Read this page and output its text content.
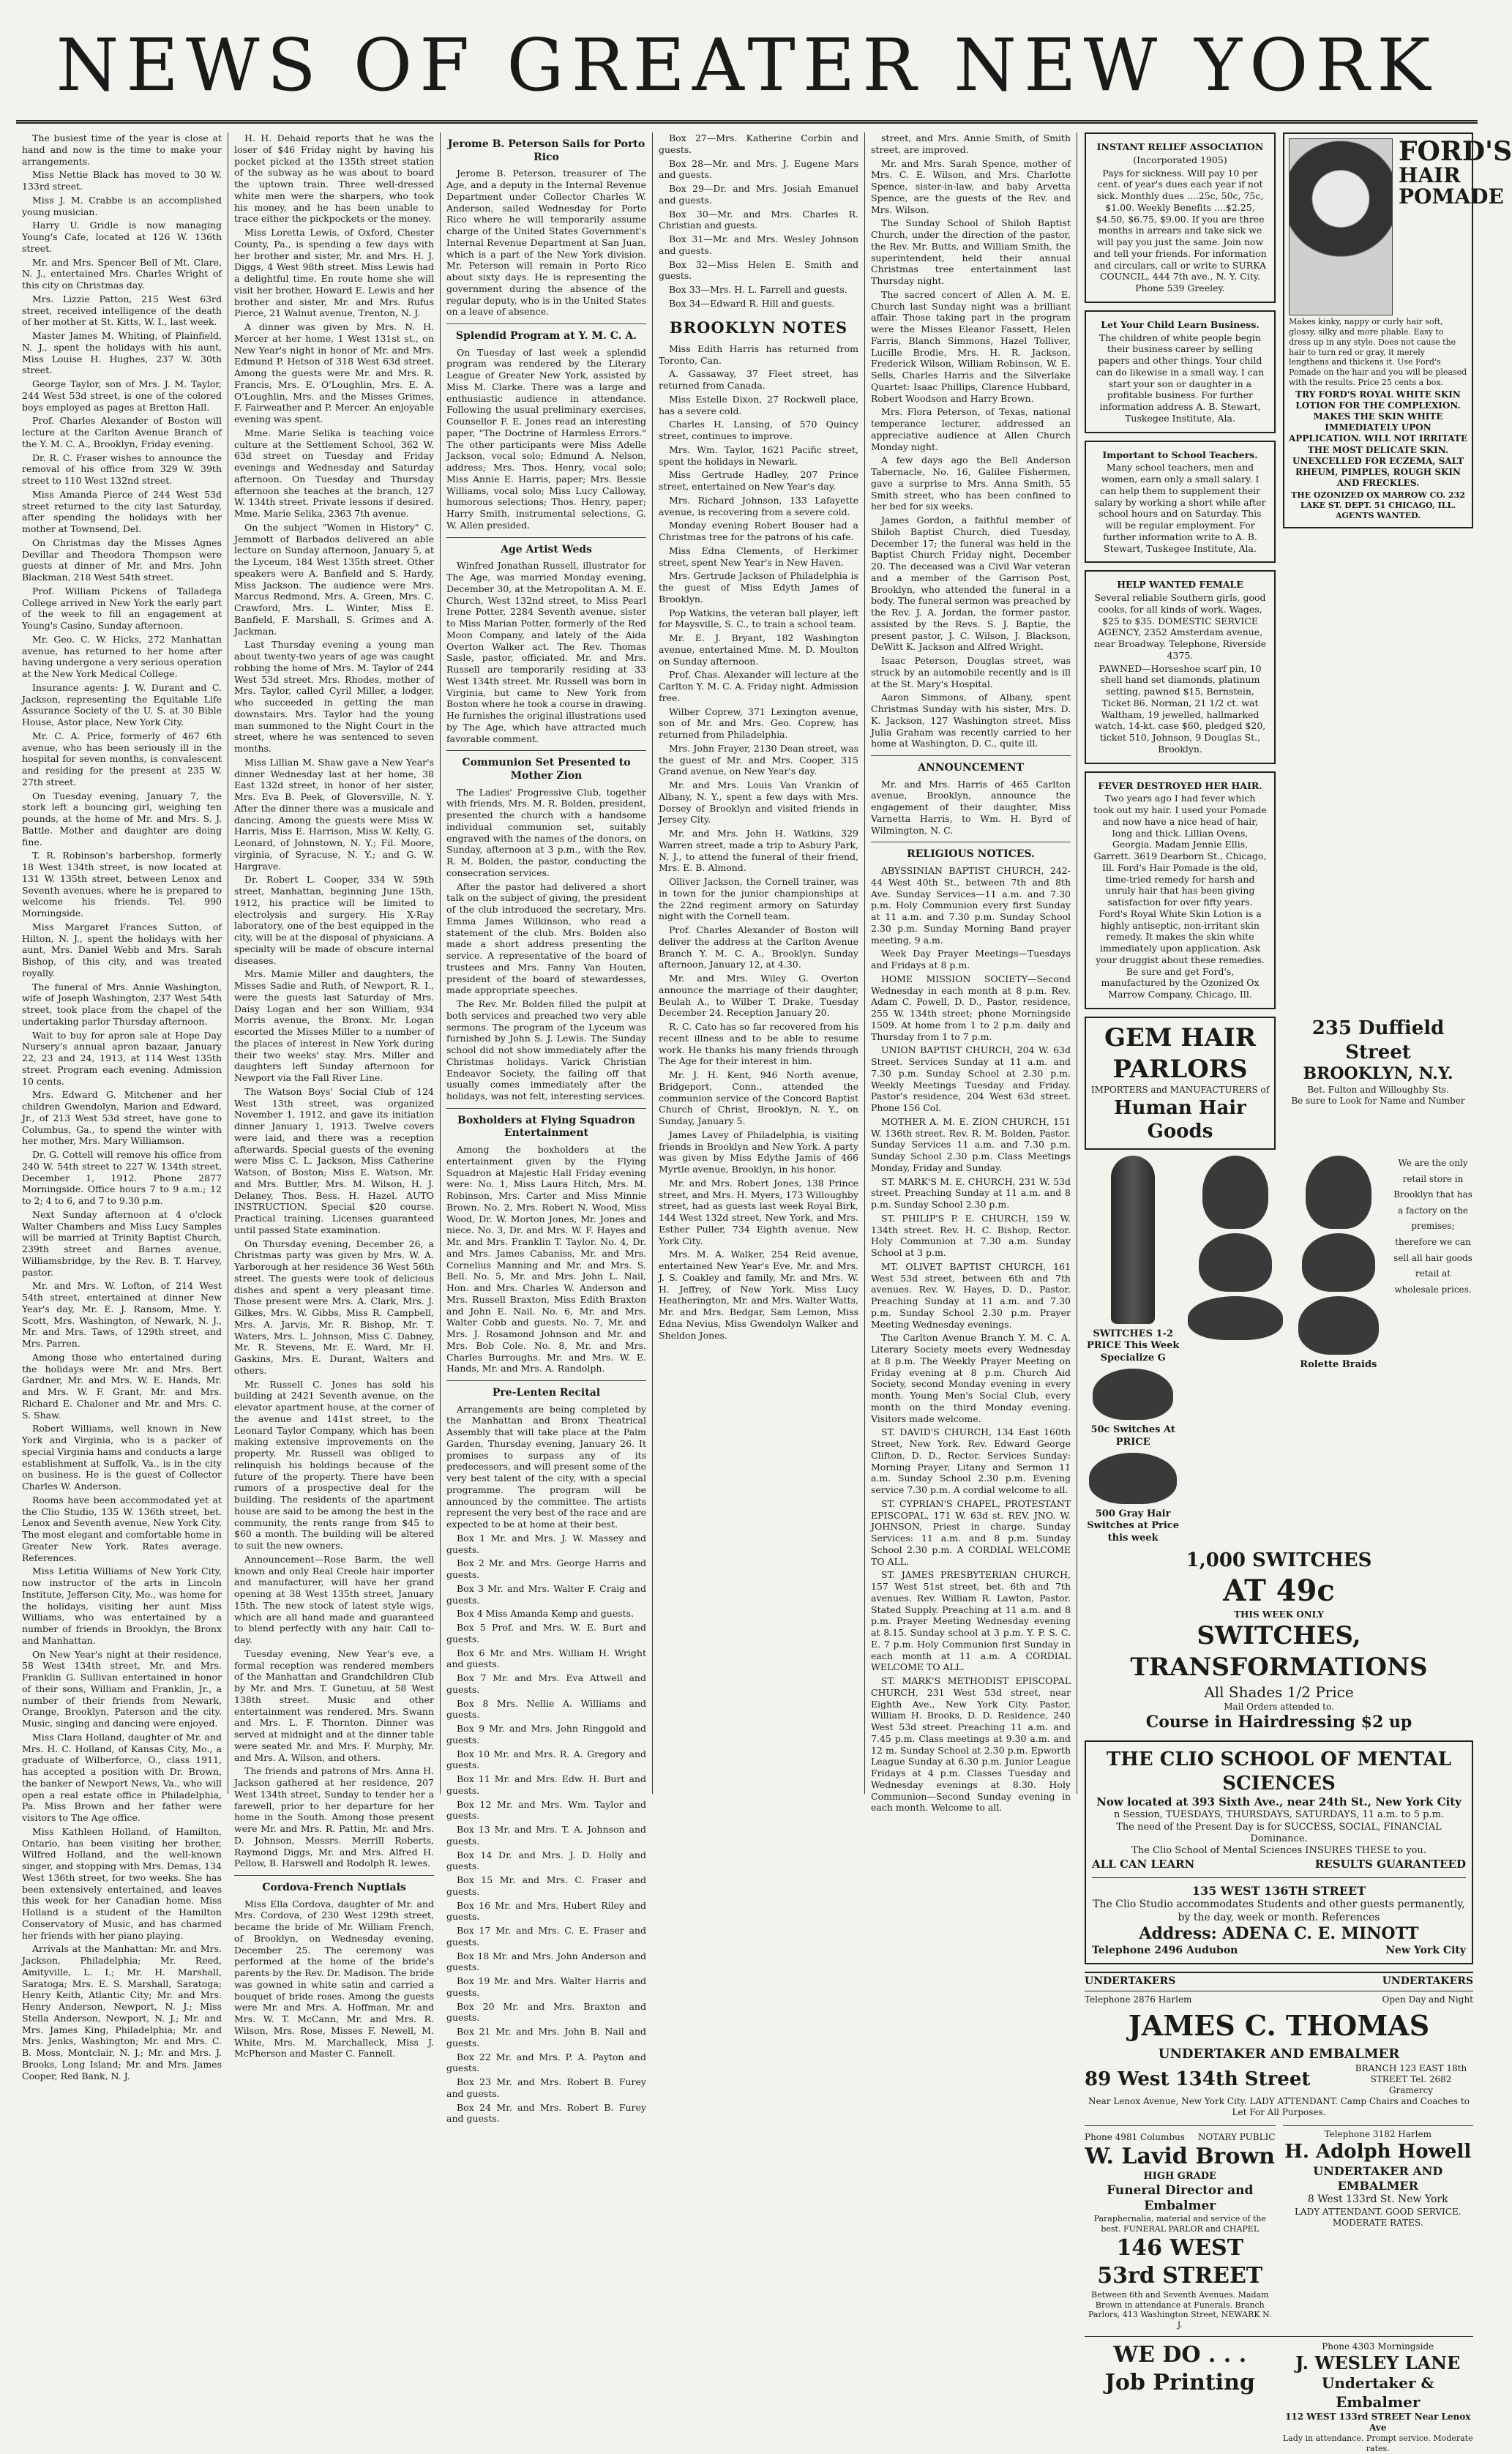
NEWS OF GREATER NEW YORK

The busiest time of the year is close at hand and now is the time to make your arrangements.

Miss Nettie Black has moved to 30 W. 133rd street.

Miss J. M. Crabbe is an accomplished young musician.

Harry U. Gridle is now managing Young's Cafe, located at 126 W. 136th street.

Mr. and Mrs. Spencer Bell of Mt. Clare, N. J., entertained Mrs. Charles Wright of this city on Christmas day.

Mrs. Lizzie Patton, 215 West 63rd street, received intelligence of the death of her mother at St. Kitts, W. I., last week.

Master James M. Whiting, of Plainfield, N. J., spent the holidays with his aunt, Miss Louise H. Hughes, 237 W. 30th street.

George Taylor, son of Mrs. J. M. Taylor, 244 West 53d street, is one of the colored boys employed as pages at Bretton Hall.

Prof. Charles Alexander of Boston will lecture at the Carlton Avenue Branch of the Y. M. C. A., Brooklyn, Friday evening.

Dr. R. C. Fraser wishes to announce the removal of his office from 329 W. 39th street to 110 West 132nd street.

Miss Amanda Pierce of 244 West 53d street returned to the city last Saturday, after spending the holidays with her mother at Townsend, Del.

On Christmas day the Misses Agnes Devillar and Theodora Thompson were guests at dinner of Mr. and Mrs. John Blackman, 218 West 54th street.

Prof. William Pickens of Talladega College arrived in New York the early part of the week to fill an engagement at Young's Casino, Sunday afternoon.

Mr. Geo. C. W. Hicks, 272 Manhattan avenue, has returned to her home after having undergone a very serious operation at the New York Medical College.

Insurance agents: J. W. Durant and C. Jackson, representing the Equitable Life Assurance Society of the U. S. at 30 Bible House, Astor place, New York City.

Mr. C. A. Price, formerly of 467 6th avenue, who has been seriously ill in the hospital for seven months, is convalescent and residing for the present at 235 W. 27th street.

On Tuesday evening, January 7, the stork left a bouncing girl, weighing ten pounds, at the home of Mr. and Mrs. S. J. Battle. Mother and daughter are doing fine.

T. R. Robinson's barbershop, formerly 18 West 134th street, is now located at 131 W. 135th street, between Lenox and Seventh avenues, where he is prepared to welcome his friends. Tel. 990 Morningside.

Miss Margaret Frances Sutton, of Hilton, N. J., spent the holidays with her aunt, Mrs. Daniel Webb and Mrs. Sarah Bishop, of this city, and was treated royally.

The funeral of Mrs. Annie Washington, wife of Joseph Washington, 237 West 54th street, took place from the chapel of the undertaking parlor Thursday afternoon.

Wait to buy for apron sale at Hope Day Nursery's annual apron bazaar, January 22, 23 and 24, 1913, at 114 West 135th street. Program each evening. Admission 10 cents.

Mrs. Edward G. Mitchener and her children Gwendolyn, Marion and Edward, Jr., of 213 West 53d street, have gone to Columbus, Ga., to spend the winter with her mother, Mrs. Mary Williamson.

Dr. G. Cottell will remove his office from 240 W. 54th street to 227 W. 134th street, December 1, 1912. Phone 2877 Morningside. Office hours 7 to 9 a.m.; 12 to 2; 4 to 6, and 7 to 9.30 p.m.

Next Sunday afternoon at 4 o'clock Walter Chambers and Miss Lucy Samples will be married at Trinity Baptist Church, 239th street and Barnes avenue, Williamsbridge, by the Rev. B. T. Harvey, pastor.

Mr. and Mrs. W. Lofton, of 214 West 54th street, entertained at dinner New Year's day, Mr. E. J. Ransom, Mme. Y. Scott, Mrs. Washington, of Newark, N. J., Mr. and Mrs. Taws, of 129th street, and Mrs. Parren.

Among those who entertained during the holidays were Mr. and Mrs. Bert Gardner, Mr. and Mrs. W. E. Hands, Mr. and Mrs. W. F. Grant, Mr. and Mrs. Richard E. Chaloner and Mr. and Mrs. C. S. Shaw.

Robert Williams, well known in New York and Virginia, who is a packer of special Virginia hams and conducts a large establishment at Suffolk, Va., is in the city on business. He is the guest of Collector Charles W. Anderson.

Rooms have been accommodated yet at the Clio Studio, 135 W. 136th street, bet. Lenox and Seventh avenue, New York City. The most elegant and comfortable home in Greater New York. Rates average. References.

Miss Letitia Williams of New York City, now instructor of the arts in Lincoln Institute, Jefferson City, Mo., was home for the holidays, visiting her aunt Miss Williams, who was entertained by a number of friends in Brooklyn, the Bronx and Manhattan.

On New Year's night at their residence, 58 West 134th street, Mr. and Mrs. Franklin G. Sullivan entertained in honor of their sons, William and Franklin, Jr., a number of their friends from Newark, Orange, Brooklyn, Paterson and the city. Music, singing and dancing were enjoyed.

Miss Clara Holland, daughter of Mr. and Mrs. H. C. Holland, of Kansas City, Mo., a graduate of Wilberforce, O., class 1911, has accepted a position with Dr. Brown, the banker of Newport News, Va., who will open a real estate office in Philadelphia, Pa. Miss Brown and her father were visitors to The Age office.

Miss Kathleen Holland, of Hamilton, Ontario, has been visiting her brother, Wilfred Holland, and the well-known singer, and stopping with Mrs. Demas, 134 West 136th street, for two weeks. She has been extensively entertained, and leaves this week for her Canadian home. Miss Holland is a student of the Hamilton Conservatory of Music, and has charmed her friends with her piano playing.

Arrivals at the Manhattan: Mr. and Mrs. Jackson, Philadelphia; Mr. Reed, Amityville, L. I.; Mr. H. Marshall, Saratoga; Mrs. E. S. Marshall, Saratoga; Henry Keith, Atlantic City; Mr. and Mrs. Henry Anderson, Newport, N. J.; Miss Stella Anderson, Newport, N. J.; Mr. and Mrs. James King, Philadelphia; Mr. and Mrs. Jenks, Washington; Mr. and Mrs. C. B. Moss, Montclair, N. J.; Mr. and Mrs. J. Brooks, Long Island; Mr. and Mrs. James Cooper, Red Bank, N. J.

H. H. Dehaid reports that he was the loser of $46 Friday night by having his pocket picked at the 135th street station of the subway as he was about to board the uptown train. Three well-dressed white men were the sharpers, who took his money, and he has been unable to trace either the pickpockets or the money.

Miss Loretta Lewis, of Oxford, Chester County, Pa., is spending a few days with her brother and sister, Mr. and Mrs. H. J. Diggs, 4 West 98th street. Miss Lewis had a delightful time. En route home she will visit her brother, Howard E. Lewis and her brother and sister, Mr. and Mrs. Rufus Pierce, 21 Walnut avenue, Trenton, N. J.

A dinner was given by Mrs. N. H. Mercer at her home, 1 West 131st st., on New Year's night in honor of Mr. and Mrs. Edmund P. Hetson of 318 West 63d street. Among the guests were Mr. and Mrs. R. Francis, Mrs. E. O'Loughlin, Mrs. E. A. O'Loughlin, Mrs. and the Misses Grimes, F. Fairweather and P. Mercer. An enjoyable evening was spent.

Mme. Marie Selika is teaching voice culture at the Settlement School, 362 W. 63d street on Tuesday and Friday evenings and Wednesday and Saturday afternoon. On Tuesday and Thursday afternoon she teaches at the branch, 127 W. 134th street. Private lessons if desired. Mme. Marie Selika, 2363 7th avenue.

On the subject "Women in History" C. Jemmott of Barbados delivered an able lecture on Sunday afternoon, January 5, at the Lyceum, 184 West 135th street. Other speakers were A. Banfield and S. Hardy, Miss Jackson. The audience were Mrs. Marcus Redmond, Mrs. A. Green, Mrs. C. Crawford, Mrs. L. Winter, Miss E. Banfield, F. Marshall, S. Grimes and A. Jackman.

Last Thursday evening a young man about twenty-two years of age was caught robbing the home of Mrs. M. Taylor of 244 West 53d street. Mrs. Rhodes, mother of Mrs. Taylor, called Cyril Miller, a lodger, who succeeded in getting the man downstairs. Mrs. Taylor had the young man summoned to the Night Court in the street, where he was sentenced to seven months.

Miss Lillian M. Shaw gave a New Year's dinner Wednesday last at her home, 38 East 132d street, in honor of her sister, Mrs. Eva B. Peek, of Gloversville, N. Y. After the dinner there was a musicale and dancing. Among the guests were Miss W. Harris, Miss E. Harrison, Miss W. Kelly, G. Leonard, of Johnstown, N. Y.; Fil. Moore, virginia, of Syracuse, N. Y.; and G. W. Hargrave.

Dr. Robert L. Cooper, 334 W. 59th street, Manhattan, beginning June 15th, 1912, his practice will be limited to electrolysis and surgery. His X-Ray laboratory, one of the best equipped in the city, will be at the disposal of physicians. A specialty will be made of obscure internal diseases.

Mrs. Mamie Miller and daughters, the Misses Sadie and Ruth, of Newport, R. I., were the guests last Saturday of Mrs. Daisy Logan and her son William, 934 Morris avenue, the Bronx. Mr. Logan escorted the Misses Miller to a number of the places of interest in New York during their two weeks' stay. Mrs. Miller and daughters left Sunday afternoon for Newport via the Fall River Line.

The Watson Boys' Social Club of 124 West 13th street, was organized November 1, 1912, and gave its initiation dinner January 1, 1913. Twelve covers were laid, and there was a reception afterwards. Special guests of the evening were Miss C. L. Jackson, Miss Catherine Watson, of Boston; Miss E. Watson, Mr. and Mrs. Buttler, Mrs. M. Wilson, H. J. Delaney, Thos. Bess. H. Hazel. AUTO INSTRUCTION. Special $20 course. Practical training. Licenses guaranteed until passed State examination.

On Thursday evening, December 26, a Christmas party was given by Mrs. W. A. Yarborough at her residence 36 West 56th street. The guests were took of delicious dishes and spent a very pleasant time. Those present were Mrs. A. Clark, Mrs. J. Gilkes, Mrs. W. Gibbs, Miss R. Campbell, Mrs. A. Jarvis, Mr. R. Bishop, Mr. T. Waters, Mrs. L. Johnson, Miss C. Dabney, Mr. R. Stevens, Mr. E. Ward, Mr. H. Gaskins, Mrs. E. Durant, Walters and others.

Mr. Russell C. Jones has sold his building at 2421 Seventh avenue, on the elevator apartment house, at the corner of the avenue and 141st street, to the Leonard Taylor Company, which has been making extensive improvements on the property. Mr. Russell was obliged to relinquish his holdings because of the future of the property. There have been rumors of a prospective deal for the building. The residents of the apartment house are said to be among the best in the community, the rents range from $45 to $60 a month. The building will be altered to suit the new owners.

Announcement—Rose Barm, the well known and only Real Creole hair importer and manufacturer, will have her grand opening at 38 West 135th street, January 15th. The new stock of latest style wigs, which are all hand made and guaranteed to blend perfectly with any hair. Call to-day.

Tuesday evening, New Year's eve, a formal reception was rendered members of the Manhattan and Grandchildren Club by Mr. and Mrs. T. Gunetuu, at 58 West 138th street. Music and other entertainment was rendered. Mrs. Swann and Mrs. L. F. Thornton. Dinner was served at midnight and at the dinner table were seated Mr. and Mrs. F. Murphy, Mr. and Mrs. A. Wilson, and others.

The friends and patrons of Mrs. Anna H. Jackson gathered at her residence, 207 West 134th street, Sunday to tender her a farewell, prior to her departure for her home in the South. Among those present were Mr. and Mrs. R. Pattin, Mr. and Mrs. D. Johnson, Messrs. Merrill Roberts, Raymond Diggs, Mr. and Mrs. Alfred H. Pellow, B. Harswell and Rodolph R. Iewes.

Cordova-French Nuptials

Miss Ella Cordova, daughter of Mr. and Mrs. Cordova, of 230 West 129th street, became the bride of Mr. William French, of Brooklyn, on Wednesday evening, December 25. The ceremony was performed at the home of the bride's parents by the Rev. Dr. Madison. The bride was gowned in white satin and carried a bouquet of bride roses. Among the guests were Mr. and Mrs. A. Hoffman, Mr. and Mrs. W. T. McCann, Mr. and Mrs. R. Wilson, Mrs. Rose, Misses F. Newell, M. White, Mrs. M. Marchalleck, Miss J. McPherson and Master C. Fannell.

Jerome B. Peterson Sails for Porto Rico

Jerome B. Peterson, treasurer of The Age, and a deputy in the Internal Revenue Department under Collector Charles W. Anderson, sailed Wednesday for Porto Rico where he will temporarily assume charge of the United States Government's Internal Revenue Department at San Juan, which is a part of the New York division. Mr. Peterson will remain in Porto Rico about sixty days. He is representing the government during the absence of the regular deputy, who is in the United States on a leave of absence.

Splendid Program at Y. M. C. A.

On Tuesday of last week a splendid program was rendered by the Literary League of Greater New York, assisted by Miss M. Clarke. There was a large and enthusiastic audience in attendance. Following the usual preliminary exercises, Counsellor F. E. Jones read an interesting paper, "The Doctrine of Harmless Errors." The other participants were Miss Adelle Jackson, vocal solo; Edmund A. Nelson, address; Mrs. Thos. Henry, vocal solo; Miss Annie E. Harris, paper; Mrs. Bessie Williams, vocal solo; Miss Lucy Calloway, humorous selections; Thos. Henry, paper; Harry Smith, instrumental selections, G. W. Allen presided.

Age Artist Weds

Winfred Jonathan Russell, illustrator for The Age, was married Monday evening, December 30, at the Metropolitan A. M. E. Church, West 132nd street, to Miss Pearl Irene Potter, 2284 Seventh avenue, sister to Miss Marian Potter, formerly of the Red Moon Company, and lately of the Aida Overton Walker act. The Rev. Thomas Sasle, pastor, officiated. Mr. and Mrs. Russell are temporarily residing at 33 West 134th street. Mr. Russell was born in Virginia, but came to New York from Boston where he took a course in drawing. He furnishes the original illustrations used by The Age, which have attracted much favorable comment.

Communion Set Presented to Mother Zion

The Ladies' Progressive Club, together with friends, Mrs. M. R. Bolden, president, presented the church with a handsome individual communion set, suitably engraved with the names of the donors, on Sunday, afternoon at 3 p.m., with the Rev. R. M. Bolden, the pastor, conducting the consecration services.

After the pastor had delivered a short talk on the subject of giving, the president of the club introduced the secretary, Mrs. Emma James Wilkinson, who read a statement of the club. Mrs. Bolden also made a short address presenting the service. A representative of the board of trustees and Mrs. Fanny Van Houten, president of the board of stewardesses, made appropriate speeches.

The Rev. Mr. Bolden filled the pulpit at both services and preached two very able sermons. The program of the Lyceum was furnished by John S. J. Lewis. The Sunday school did not show immediately after the Christmas holidays. Varick Christian Endeavor Society, the failing off that usually comes immediately after the holidays, was not felt, interesting services.

Boxholders at Flying Squadron Entertainment

Among the boxholders at the entertainment given by the Flying Squadron at Majestic Hall Friday evening were: No. 1, Miss Laura Hitch, Mrs. M. Robinson, Mrs. Carter and Miss Minnie Brown. No. 2, Mrs. Robert N. Wood, Miss Wood, Dr. W. Morton Jones, Mr. Jones and niece. No. 3, Dr. and Mrs. W. F. Hayes and Mr. and Mrs. Franklin T. Taylor. No. 4, Dr. and Mrs. James Cabaniss, Mr. and Mrs. Cornelius Manning and Mr. and Mrs. S. Bell. No. 5, Mr. and Mrs. John L. Nail, Hon. and Mrs. Charles W. Anderson and Mrs. Russell Braxton, Miss Edith Braxton and John E. Nail. No. 6, Mr. and Mrs. Walter Cobb and guests. No. 7, Mr. and Mrs. J. Rosamond Johnson and Mr. and Mrs. Bob Cole. No. 8, Mr. and Mrs. Charles Burroughs. Mr. and Mrs. W. E. Hands, Mr. and Mrs. A. Randolph.

Pre-Lenten Recital

Arrangements are being completed by the Manhattan and Bronx Theatrical Assembly that will take place at the Palm Garden, Thursday evening, January 26. It promises to surpass any of its predecessors, and will present some of the very best talent of the city, with a special programme. The program will be announced by the committee. The artists represent the very best of the race and are expected to be at home at their best.

Box 1 Mr. and Mrs. J. W. Massey and guests.

Box 2 Mr. and Mrs. George Harris and guests.

Box 3 Mr. and Mrs. Walter F. Craig and guests.

Box 4 Miss Amanda Kemp and guests.

Box 5 Prof. and Mrs. W. E. Burt and guests.

Box 6 Mr. and Mrs. William H. Wright and guests.

Box 7 Mr. and Mrs. Eva Attwell and guests.

Box 8 Mrs. Nellie A. Williams and guests.

Box 9 Mr. and Mrs. John Ringgold and guests.

Box 10 Mr. and Mrs. R. A. Gregory and guests.

Box 11 Mr. and Mrs. Edw. H. Burt and guests.

Box 12 Mr. and Mrs. Wm. Taylor and guests.

Box 13 Mr. and Mrs. T. A. Johnson and guests.

Box 14 Dr. and Mrs. J. D. Holly and guests.

Box 15 Mr. and Mrs. C. Fraser and guests.

Box 16 Mr. and Mrs. Hubert Riley and guests.

Box 17 Mr. and Mrs. C. E. Fraser and guests.

Box 18 Mr. and Mrs. John Anderson and guests.

Box 19 Mr. and Mrs. Walter Harris and guests.

Box 20 Mr. and Mrs. Braxton and guests.

Box 21 Mr. and Mrs. John B. Nail and guests.

Box 22 Mr. and Mrs. P. A. Payton and guests.

Box 23 Mr. and Mrs. Robert B. Furey and guests.

Box 24 Mr. and Mrs. Robert B. Furey and guests.

Box 27—Mrs. Katherine Corbin and guests.

Box 28—Mr. and Mrs. J. Eugene Mars and guests.

Box 29—Dr. and Mrs. Josiah Emanuel and guests.

Box 30—Mr. and Mrs. Charles R. Christian and guests.

Box 31—Mr. and Mrs. Wesley Johnson and guests.

Box 32—Miss Helen E. Smith and guests.

Box 33—Mrs. H. L. Farrell and guests.

Box 34—Edward R. Hill and guests.

BROOKLYN NOTES

Miss Edith Harris has returned from Toronto, Can.

A. Gassaway, 37 Fleet street, has returned from Canada.

Miss Estelle Dixon, 27 Rockwell place, has a severe cold.

Charles H. Lansing, of 570 Quincy street, continues to improve.

Mrs. Wm. Taylor, 1621 Pacific street, spent the holidays in Newark.

Miss Gertrude Hadley, 207 Prince street, entertained on New Year's day.

Mrs. Richard Johnson, 133 Lafayette avenue, is recovering from a severe cold.

Monday evening Robert Bouser had a Christmas tree for the patrons of his cafe.

Miss Edna Clements, of Herkimer street, spent New Year's in New Haven.

Mrs. Gertrude Jackson of Philadelphia is the guest of Miss Edyth James of Brooklyn.

Pop Watkins, the veteran ball player, left for Maysville, S. C., to train a school team.

Mr. E. J. Bryant, 182 Washington avenue, entertained Mme. M. D. Moulton on Sunday afternoon.

Prof. Chas. Alexander will lecture at the Carlton Y. M. C. A. Friday night. Admission free.

Wilber Coprew, 371 Lexington avenue, son of Mr. and Mrs. Geo. Coprew, has returned from Philadelphia.

Mrs. John Frayer, 2130 Dean street, was the guest of Mr. and Mrs. Cooper, 315 Grand avenue, on New Year's day.

Mr. and Mrs. Louis Van Vrankin of Albany, N. Y., spent a few days with Mrs. Dorsey of Brooklyn and visited friends in Jersey City.

Mr. and Mrs. John H. Watkins, 329 Warren street, made a trip to Asbury Park, N. J., to attend the funeral of their friend, Mrs. E. B. Almond.

Olliver Jackson, the Cornell trainer, was in town for the junior championships at the 22nd regiment armory on Saturday night with the Cornell team.

Prof. Charles Alexander of Boston will deliver the address at the Carlton Avenue Branch Y. M. C. A., Brooklyn, Sunday afternoon, January 12, at 4.30.

Mr. and Mrs. Wiley G. Overton announce the marriage of their daughter, Beulah A., to Wilber T. Drake, Tuesday December 24. Reception January 20.

R. C. Cato has so far recovered from his recent illness and to be able to resume work. He thanks his many friends through The Age for their interest in him.

Mr. J. H. Kent, 946 North avenue, Bridgeport, Conn., attended the communion service of the Concord Baptist Church of Christ, Brooklyn, N. Y., on Sunday, January 5.

James Lavey of Philadelphia, is visiting friends in Brooklyn and New York. A party was given by Miss Edythe Jamis of 466 Myrtle avenue, Brooklyn, in his honor.

Mr. and Mrs. Robert Jones, 138 Prince street, and Mrs. H. Myers, 173 Willoughby street, had as guests last week Royal Birk, 144 West 132d street, New York, and Mrs. Esther Puller, 734 Eighth avenue, New York City.

Mrs. M. A. Walker, 254 Reid avenue, entertained New Year's Eve. Mr. and Mrs. J. S. Coakley and family, Mr. and Mrs. W. H. Jeffrey, of New York. Miss Lucy Heatherington, Mr. and Mrs. Walter Watts, Mr. and Mrs. Bedgar, Sam Lemon, Miss Edna Nevius, Miss Gwendolyn Walker and Sheldon Jones.

street, and Mrs. Annie Smith, of Smith street, are improved.

Mr. and Mrs. Sarah Spence, mother of Mrs. C. E. Wilson, and Mrs. Charlotte Spence, sister-in-law, and baby Arvetta Spence, are the guests of the Rev. and Mrs. Wilson.

The Sunday School of Shiloh Baptist Church, under the direction of the pastor, the Rev. Mr. Butts, and William Smith, the superintendent, held their annual Christmas tree entertainment last Thursday night.

The sacred concert of Allen A. M. E. Church last Sunday night was a brilliant affair. Those taking part in the program were the Misses Eleanor Fassett, Helen Farris, Blanch Simmons, Hazel Tolliver, Lucille Brodie, Mrs. H. R. Jackson, Frederick Wilson, William Robinson, W. E. Sells, Charles Harris and the Silverlake Quartet: Isaac Phillips, Clarence Hubbard, Robert Woodson and Harry Brown.

Mrs. Flora Peterson, of Texas, national temperance lecturer, addressed an appreciative audience at Allen Church Monday night.

A few days ago the Bell Anderson Tabernacle, No. 16, Galilee Fishermen, gave a surprise to Mrs. Anna Smith, 55 Smith street, who has been confined to her bed for six weeks.

James Gordon, a faithful member of Shiloh Baptist Church, died Tuesday, December 17; the funeral was held in the Baptist Church Friday night, December 20. The deceased was a Civil War veteran and a member of the Garrison Post, Brooklyn, who attended the funeral in a body. The funeral sermon was preached by the Rev. J. A. Jordan, the former pastor, assisted by the Revs. S. J. Baptie, the present pastor, J. C. Wilson, J. Blackson, DeWitt K. Jackson and Alfred Wright.

Isaac Peterson, Douglas street, was struck by an automobile recently and is ill at the St. Mary's Hospital.

Aaron Simmons, of Albany, spent Christmas Sunday with his sister, Mrs. D. K. Jackson, 127 Washington street. Miss Julia Graham was recently carried to her home at Washington, D. C., quite ill.

ANNOUNCEMENT

Mr. and Mrs. Harris of 465 Carlton avenue, Brooklyn, announce the engagement of their daughter, Miss Varnetta Harris, to Wm. H. Byrd of Wilmington, N. C.

RELIGIOUS NOTICES.

ABYSSINIAN BAPTIST CHURCH, 242-44 West 40th St., between 7th and 8th Ave. Sunday Services—11 a.m. and 7.30 p.m. Holy Communion every first Sunday at 11 a.m. and 7.30 p.m. Sunday School 2.30 p.m. Sunday Morning Band prayer meeting, 9 a.m.

Week Day Prayer Meetings—Tuesdays and Fridays at 8 p.m.

HOME MISSION SOCIETY—Second Wednesday in each month at 8 p.m. Rev. Adam C. Powell, D. D., Pastor, residence, 255 W. 134th street; phone Morningside 1509. At home from 1 to 2 p.m. daily and Thursday from 1 to 7 p.m.

UNION BAPTIST CHURCH, 204 W. 63d Street. Services Sunday at 11 a.m. and 7.30 p.m. Sunday School at 2.30 p.m. Weekly Meetings Tuesday and Friday. Pastor's residence, 204 West 63d street. Phone 156 Col.

MOTHER A. M. E. ZION CHURCH, 151 W. 136th street. Rev. R. M. Bolden, Pastor. Sunday Services 11 a.m. and 7.30 p.m. Sunday School 2.30 p.m. Class Meetings Monday, Friday and Sunday.

ST. MARK'S M. E. CHURCH, 231 W. 53d street. Preaching Sunday at 11 a.m. and 8 p.m. Sunday School 2.30 p.m.

ST. PHILIP'S P. E. CHURCH, 159 W. 134th street. Rev. H. C. Bishop, Rector. Holy Communion at 7.30 a.m. Sunday School at 3 p.m.

MT. OLIVET BAPTIST CHURCH, 161 West 53d street, between 6th and 7th avenues. Rev. W. Hayes, D. D., Pastor. Preaching Sunday at 11 a.m. and 7.30 p.m. Sunday School 2.30 p.m. Prayer Meeting Wednesday evenings.

The Carlton Avenue Branch Y. M. C. A. Literary Society meets every Wednesday at 8 p.m. The Weekly Prayer Meeting on Friday evening at 8 p.m. Church Aid Society, second Monday evening in every month. Young Men's Social Club, every month on the third Monday evening. Visitors made welcome.

ST. DAVID'S CHURCH, 134 East 160th Street, New York. Rev. Edward George Clifton, D. D., Rector. Services Sunday: Morning Prayer, Litany and Sermon 11 a.m. Sunday School 2.30 p.m. Evening service 7.30 p.m. A cordial welcome to all.

ST. CYPRIAN'S CHAPEL, PROTESTANT EPISCOPAL, 171 W. 63d st. REV. JNO. W. JOHNSON, Priest in charge. Sunday Services: 11 a.m. and 8 p.m. Sunday School 2.30 p.m. A CORDIAL WELCOME TO ALL.

ST. JAMES PRESBYTERIAN CHURCH, 157 West 51st street, bet. 6th and 7th avenues. Rev. William R. Lawton, Pastor. Stated Supply. Preaching at 11 a.m. and 8 p.m. Prayer Meeting Wednesday evening at 8.15. Sunday school at 3 p.m. Y. P. S. C. E. 7 p.m. Holy Communion first Sunday in each month at 11 a.m. A CORDIAL WELCOME TO ALL.

ST. MARK'S METHODIST EPISCOPAL CHURCH, 231 West 53d street, near Eighth Ave., New York City. Pastor, William H. Brooks, D. D. Residence, 240 West 53d street. Preaching 11 a.m. and 7.45 p.m. Class meetings at 9.30 a.m. and 12 m. Sunday School at 2.30 p.m. Epworth League Sunday at 6.30 p.m. Junior League Fridays at 4 p.m. Classes Tuesday and Wednesday evenings at 8.30. Holy Communion—Second Sunday evening in each month. Welcome to all.

INSTANT RELIEF ASSOCIATION

(Incorporated 1905)

Pays for sickness. Will pay 10 per cent. of year's dues each year if not sick. Monthly dues ....25c, 50c, 75c, $1.00. Weekly Benefits ....$2.25, $4.50, $6.75, $9.00. If you are three months in arrears and take sick we will pay you just the same. Join now and tell your friends. For information and circulars, call or write to SURKA COUNCIL, 444 7th ave., N. Y. City. Phone 539 Greeley.

Let Your Child Learn Business.

The children of white people begin their business career by selling papers and other things. Your child can do likewise in a small way. I can start your son or daughter in a profitable business. For further information address A. B. Stewart, Tuskegee Institute, Ala.

Important to School Teachers.

Many school teachers, men and women, earn only a small salary. I can help them to supplement their salary by working a short while after school hours and on Saturday. This will be regular employment. For further information write to A. B. Stewart, Tuskegee Institute, Ala.

HELP WANTED FEMALE

Several reliable Southern girls, good cooks, for all kinds of work. Wages, $25 to $35. DOMESTIC SERVICE AGENCY, 2352 Amsterdam avenue, near Broadway. Telephone, Riverside 4375.

PAWNED—Horseshoe scarf pin, 10 shell hand set diamonds, platinum setting, pawned $15, Bernstein, Ticket 86. Norman, 21 1/2 ct. wat Waltham, 19 jewelled, hallmarked watch, 14-kt. case $60, pledged $20, ticket 510, Johnson, 9 Douglas St., Brooklyn.

FEVER DESTROYED HER HAIR.

Two years ago I had fever which took out my hair. I used your Pomade and now have a nice head of hair, long and thick. Lillian Ovens, Georgia. Madam Jennie Ellis, Garrett. 3619 Dearborn St., Chicago, Ill. Ford's Hair Pomade is the old, time-tried remedy for harsh and unruly hair that has been giving satisfaction for over fifty years. Ford's Royal White Skin Lotion is a highly antiseptic, non-irritant skin remedy. It makes the skin white immediately upon application. Ask your druggist about these remedies. Be sure and get Ford's, manufactured by the Ozonized Ox Marrow Company, Chicago, Ill.

FORD'S
HAIR POMADE

Makes kinky, nappy or curly hair soft, glossy, silky and more pliable. Easy to dress up in any style. Does not cause the hair to turn red or gray, it merely lengthens and thickens it. Use Ford's Pomade on the hair and you will be pleased with the results. Price 25 cents a box.

TRY FORD'S ROYAL WHITE SKIN LOTION FOR THE COMPLEXION. MAKES THE SKIN WHITE IMMEDIATELY UPON APPLICATION. WILL NOT IRRITATE THE MOST DELICATE SKIN. UNEXCELLED FOR ECZEMA, SALT RHEUM, PIMPLES, ROUGH SKIN AND FRECKLES.

THE OZONIZED OX MARROW CO. 232 LAKE ST. DEPT. 51 CHICAGO, ILL. AGENTS WANTED.

GEM HAIR PARLORS
IMPORTERS and MANUFACTURERS of
Human Hair Goods
235 Duffield Street
BROOKLYN, N.Y.
Bet. Fulton and Willoughby Sts.
Be sure to Look for Name and Number
SWITCHES 1-2 PRICE This Week Specialize G
50c Switches At PRICE
500 Gray Hair Switches at Price this week
Rolette Braids
We are the only retail store in Brooklyn that has a factory on the premises; therefore we can sell all hair goods retail at wholesale prices.
1,000 SWITCHES
AT 49c
THIS WEEK ONLY
SWITCHES, TRANSFORMATIONS
All Shades 1/2 Price
Mail Orders attended to.
Course in Hairdressing $2 up
THE CLIO SCHOOL OF MENTAL SCIENCES
Now located at 393 Sixth Ave., near 24th St., New York City
n Session, TUESDAYS, THURSDAYS, SATURDAYS, 11 a.m. to 5 p.m.
The need of the Present Day is for SUCCESS, SOCIAL, FINANCIAL Dominance.
The Clio School of Mental Sciences INSURES THESE to you.
ALL CAN LEARN	RESULTS GUARANTEED
135 WEST 136TH STREET
The Clio Studio accommodates Students and other guests permanently, by the day, week or month. References
Address: ADENA C. E. MINOTT
Telephone 2496 Audubon	New York City
UNDERTAKERS	UNDERTAKERS
Telephone 2876 Harlem	Open Day and Night
JAMES C. THOMAS
UNDERTAKER AND EMBALMER
89 West 134th Street
BRANCH 123 EAST 18th STREET Tel. 2682 Gramercy
Near Lenox Avenue, New York City. LADY ATTENDANT. Camp Chairs and Coaches to Let For All Purposes.
Phone 4981 Columbus NOTARY PUBLIC
W. Lavid Brown
HIGH GRADE
Funeral Director and Embalmer
Paraphernalia, material and service of the best. FUNERAL PARLOR and CHAPEL
146 WEST 53rd STREET
Between 6th and Seventh Avenues. Madam Brown in attendance at Funerals. Branch Parlors, 413 Washington Street, NEWARK N. J.
Telephone 3182 Harlem
H. Adolph Howell
UNDERTAKER AND EMBALMER
8 West 133rd St. New York
LADY ATTENDANT. GOOD SERVICE. MODERATE RATES.
WE DO . . .
Job Printing
Phone 4303 Morningside
J. WESLEY LANE
Undertaker & Embalmer
112 WEST 133rd STREET Near Lenox Ave
Lady in attendance. Prompt service. Moderate rates.
